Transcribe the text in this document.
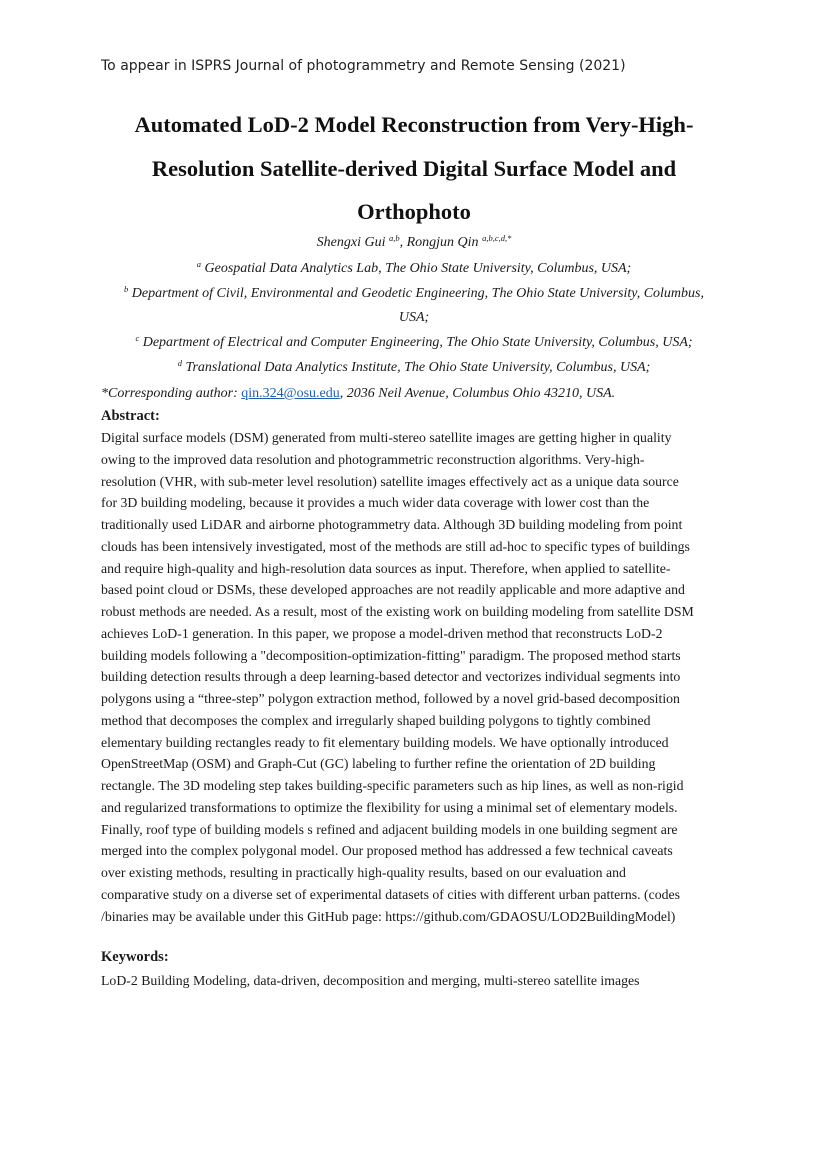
To appear in ISPRS Journal of photogrammetry and Remote Sensing (2021)
Automated LoD-2 Model Reconstruction from Very-High-
Resolution Satellite-derived Digital Surface Model and
Orthophoto
Shengxi Gui $^{a,b}$, Rongjun Qin $^{a,b,c,d,*}$
$^a$ Geospatial Data Analytics Lab, The Ohio State University, Columbus, USA;
$^b$ Department of Civil, Environmental and Geodetic Engineering, The Ohio State University, Columbus,
USA;
$^c$ Department of Electrical and Computer Engineering, The Ohio State University, Columbus, USA;
$^d$ Translational Data Analytics Institute, The Ohio State University, Columbus, USA;
*Corresponding author: qin.324@osu.edu, 2036 Neil Avenue, Columbus Ohio 43210, USA.
Abstract:
Digital surface models (DSM) generated from multi-stereo satellite images are getting higher in quality
owing to the improved data resolution and photogrammetric reconstruction algorithms. Very-high-
resolution (VHR, with sub-meter level resolution) satellite images effectively act as a unique data source
for 3D building modeling, because it provides a much wider data coverage with lower cost than the
traditionally used LiDAR and airborne photogrammetry data. Although 3D building modeling from point
clouds has been intensively investigated, most of the methods are still ad-hoc to specific types of buildings
and require high-quality and high-resolution data sources as input. Therefore, when applied to satellite-
based point cloud or DSMs, these developed approaches are not readily applicable and more adaptive and
robust methods are needed. As a result, most of the existing work on building modeling from satellite DSM
achieves LoD-1 generation. In this paper, we propose a model-driven method that reconstructs LoD-2
building models following a "decomposition-optimization-fitting" paradigm. The proposed method starts
building detection results through a deep learning-based detector and vectorizes individual segments into
polygons using a “three-step” polygon extraction method, followed by a novel grid-based decomposition
method that decomposes the complex and irregularly shaped building polygons to tightly combined
elementary building rectangles ready to fit elementary building models. We have optionally introduced
OpenStreetMap (OSM) and Graph-Cut (GC) labeling to further refine the orientation of 2D building
rectangle. The 3D modeling step takes building-specific parameters such as hip lines, as well as non-rigid
and regularized transformations to optimize the flexibility for using a minimal set of elementary models.
Finally, roof type of building models s refined and adjacent building models in one building segment are
merged into the complex polygonal model. Our proposed method has addressed a few technical caveats
over existing methods, resulting in practically high-quality results, based on our evaluation and
comparative study on a diverse set of experimental datasets of cities with different urban patterns. (codes
/binaries may be available under this GitHub page: https://github.com/GDAOSU/LOD2BuildingModel)
Keywords:
LoD-2 Building Modeling, data-driven, decomposition and merging, multi-stereo satellite images
